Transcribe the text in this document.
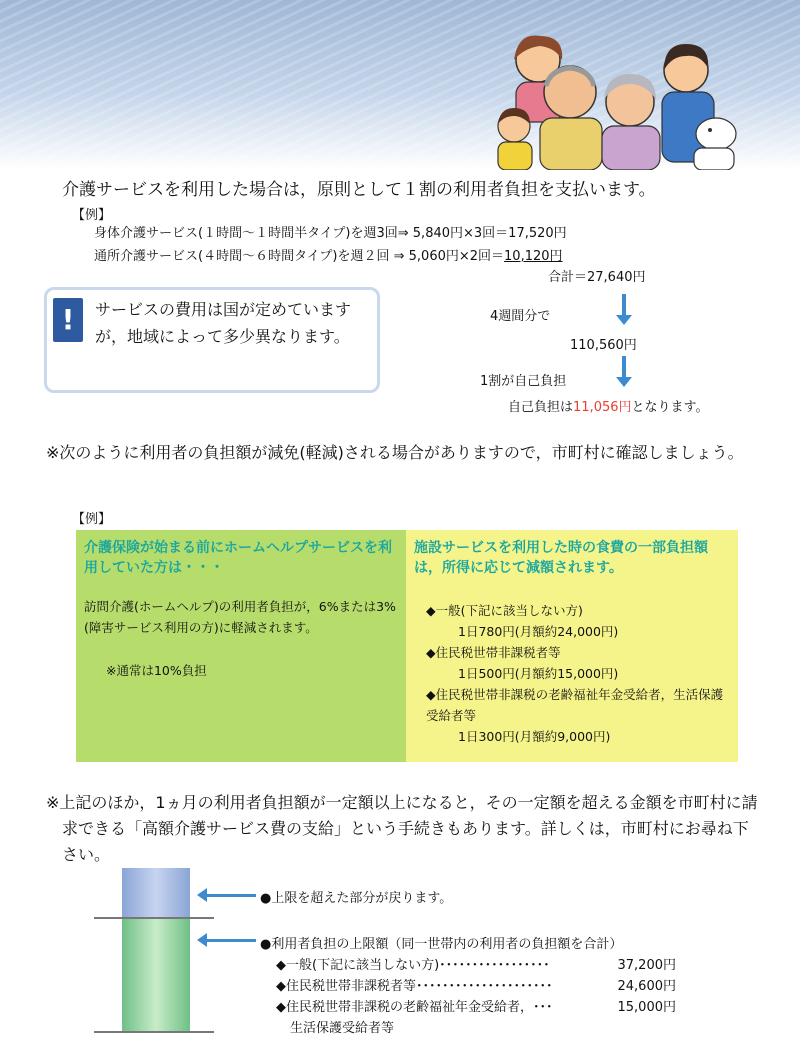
介護サービスを利用した場合は，原則として１割の利用者負担を支払います。
【例】
身体介護サービス(１時間～１時間半タイプ)を週3回⇒ 5,840円×3回＝17,520円
通所介護サービス(４時間～６時間タイプ)を週２回 ⇒ 5,060円×2回＝10,120円
合計＝27,640円
!	サービスの費用は国が定めていますが，地域によって多少異なります。
4週間分で
110,560円
1割が自己負担
自己負担は11,056円となります。
※次のように利用者の負担額が減免(軽減)される場合がありますので，市町村に確認しましょう。
【例】
介護保険が始まる前にホームヘルプサービスを利用していた方は・・・
訪問介護(ホームヘルプ)の利用者負担が，6%または3%(障害サービス利用の方)に軽減されます。
※通常は10%負担
施設サービスを利用した時の食費の一部負担額は，所得に応じて減額されます。
◆一般(下記に該当しない方)
1日780円(月額約24,000円)
◆住民税世帯非課税者等
1日500円(月額約15,000円)
◆住民税世帯非課税の老齢福祉年金受給者，生活保護受給者等
1日300円(月額約9,000円)
※上記のほか，1ヵ月の利用者負担額が一定額以上になると，その一定額を超える金額を市町村に請求できる「高額介護サービス費の支給」という手続きもあります。詳しくは，市町村にお尋ね下さい。
●上限を超えた部分が戻ります。
●利用者負担の上限額（同一世帯内の利用者の負担額を合計）
◆一般(下記に該当しない方)･････････････････	37,200円
◆住民税世帯非課税者等･････････････････････	24,600円
◆住民税世帯非課税の老齢福祉年金受給者，･･･	15,000円
生活保護受給者等
